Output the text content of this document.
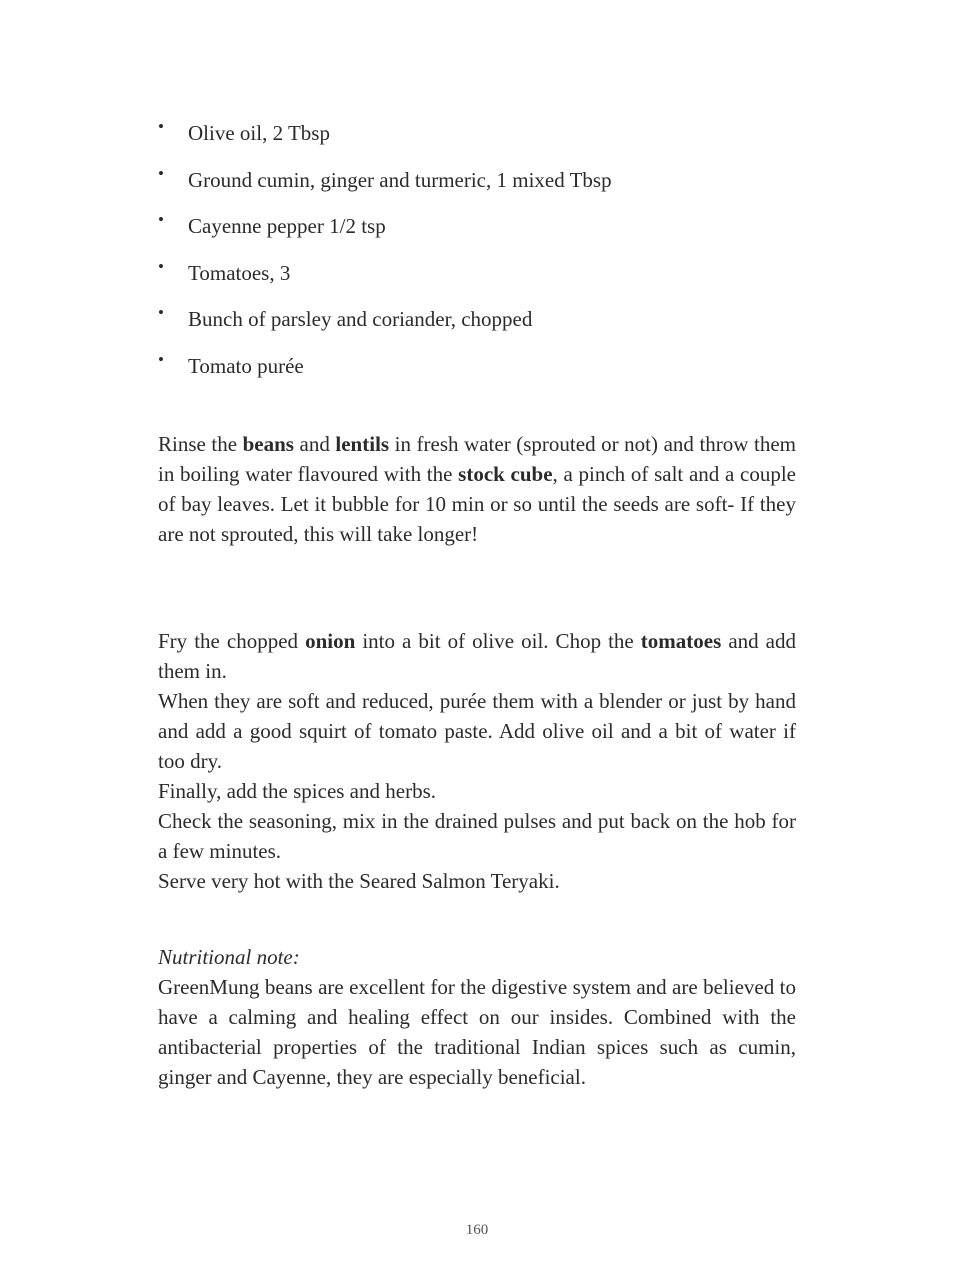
• Olive oil, 2 Tbsp
• Ground cumin, ginger and turmeric, 1 mixed Tbsp
• Cayenne pepper 1/2 tsp
• Tomatoes, 3
• Bunch of parsley and coriander, chopped
• Tomato purée

Rinse the beans and lentils in fresh water (sprouted or not) and throw them in boiling water flavoured with the stock cube, a pinch of salt and a couple of bay leaves. Let it bubble for 10 min or so until the seeds are soft- If they are not sprouted, this will take longer!

Fry the chopped onion into a bit of olive oil. Chop the tomatoes and add them in.
When they are soft and reduced, purée them with a blender or just by hand and add a good squirt of tomato paste. Add olive oil and a bit of water if too dry.
Finally, add the spices and herbs.
Check the seasoning, mix in the drained pulses and put back on the hob for a few minutes.
Serve very hot with the Seared Salmon Teryaki.
Nutritional note:
GreenMung beans are excellent for the digestive system and are believed to have a calming and healing effect on our insides. Combined with the antibacterial properties of the traditional Indian spices such as cumin, ginger and Cayenne, they are especially beneficial.
160
